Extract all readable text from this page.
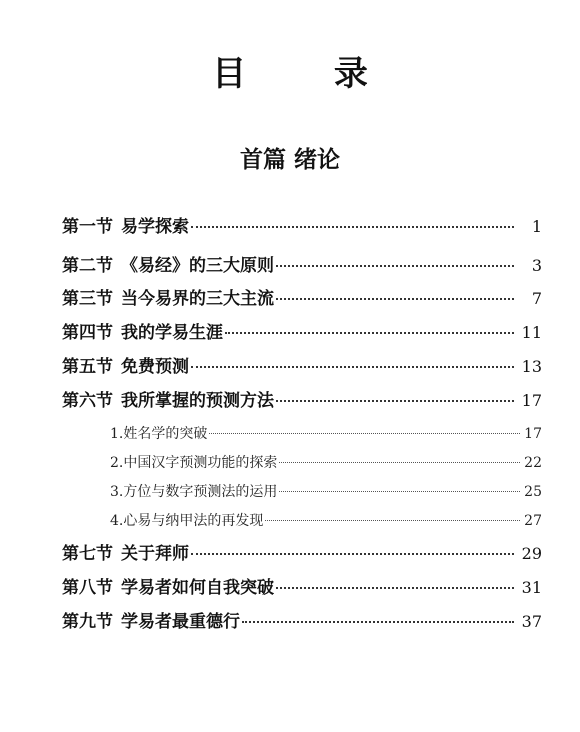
目 录
首篇 绪论
第一节 易学探索	1
第二节 《易经》的三大原则	3
第三节 当今易界的三大主流	7
第四节 我的学易生涯	11
第五节 免费预测	13
第六节 我所掌握的预测方法	17
1.姓名学的突破	17
2.中国汉字预测功能的探索	22
3.方位与数字预测法的运用	25
4.心易与纳甲法的再发现	27
第七节 关于拜师	29
第八节 学易者如何自我突破	31
第九节 学易者最重德行	37
